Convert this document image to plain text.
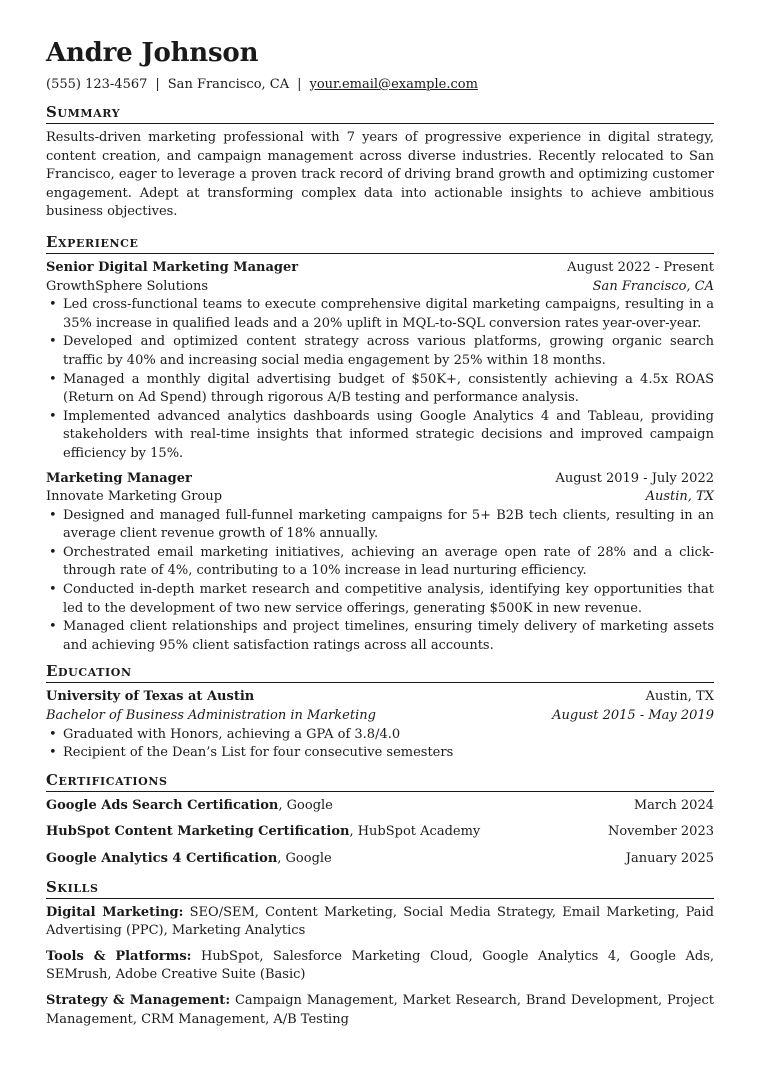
Andre Johnson
(555) 123-4567 | San Francisco, CA | your.email@example.com
Summary

Results-driven marketing professional with 7 years of progressive experience in digital strategy, content creation, and campaign management across diverse industries. Recently relocated to San Francisco, eager to leverage a proven track record of driving brand growth and optimizing customer engagement. Adept at transforming complex data into actionable insights to achieve ambitious business objectives.

Experience
Senior Digital Marketing Manager	August 2022 - Present
GrowthSphere Solutions	San Francisco, CA
• Led cross-functional teams to execute comprehensive digital marketing campaigns, resulting in a 35% increase in qualified leads and a 20% uplift in MQL-to-SQL conversion rates year-over-year.
• Developed and optimized content strategy across various platforms, growing organic search traffic by 40% and increasing social media engagement by 25% within 18 months.
• Managed a monthly digital advertising budget of $50K+, consistently achieving a 4.5x ROAS (Return on Ad Spend) through rigorous A/B testing and performance analysis.
• Implemented advanced analytics dashboards using Google Analytics 4 and Tableau, providing stakeholders with real-time insights that informed strategic decisions and improved campaign efficiency by 15%.
Marketing Manager	August 2019 - July 2022
Innovate Marketing Group	Austin, TX
• Designed and managed full-funnel marketing campaigns for 5+ B2B tech clients, resulting in an average client revenue growth of 18% annually.
• Orchestrated email marketing initiatives, achieving an average open rate of 28% and a click-through rate of 4%, contributing to a 10% increase in lead nurturing efficiency.
• Conducted in-depth market research and competitive analysis, identifying key opportunities that led to the development of two new service offerings, generating $500K in new revenue.
• Managed client relationships and project timelines, ensuring timely delivery of marketing assets and achieving 95% client satisfaction ratings across all accounts.
Education
University of Texas at Austin	Austin, TX
Bachelor of Business Administration in Marketing	August 2015 - May 2019
• Graduated with Honors, achieving a GPA of 3.8/4.0
• Recipient of the Dean’s List for four consecutive semesters
Certifications
Google Ads Search Certification, Google	March 2024
HubSpot Content Marketing Certification, HubSpot Academy	November 2023
Google Analytics 4 Certification, Google	January 2025
Skills

Digital Marketing: SEO/SEM, Content Marketing, Social Media Strategy, Email Marketing, Paid Advertising (PPC), Marketing Analytics

Tools & Platforms: HubSpot, Salesforce Marketing Cloud, Google Analytics 4, Google Ads, SEMrush, Adobe Creative Suite (Basic)

Strategy & Management: Campaign Management, Market Research, Brand Development, Project Management, CRM Management, A/B Testing
